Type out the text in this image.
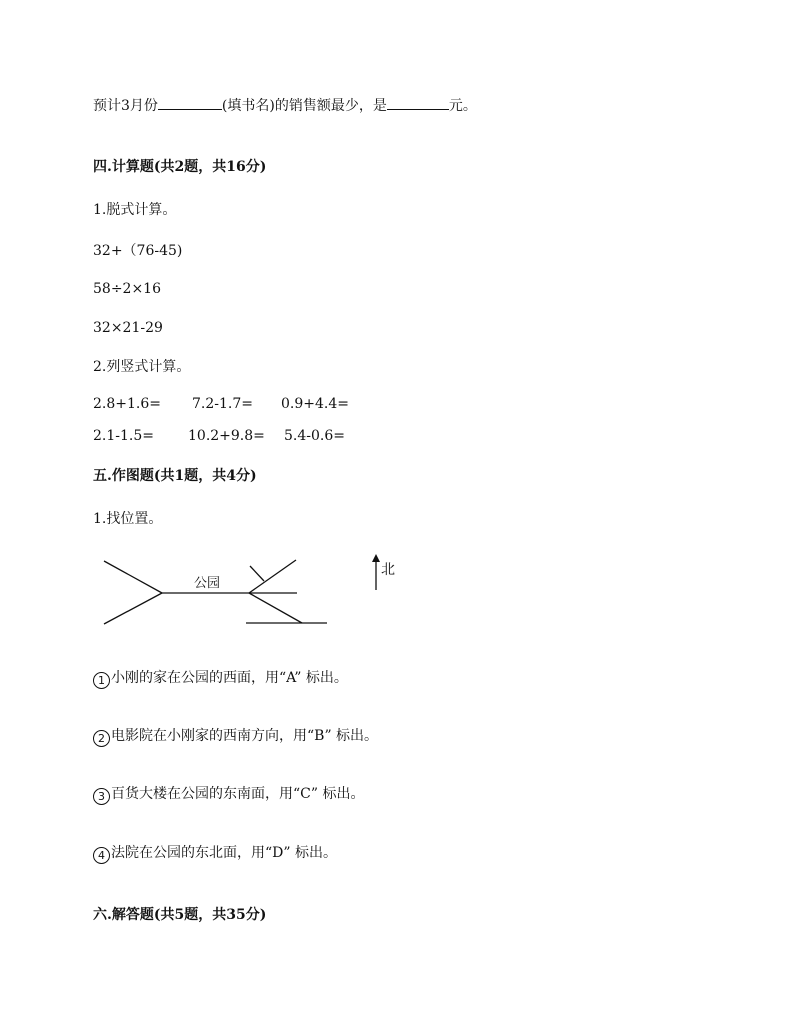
预计3月份	(填书名)的销售额最少，是	元。
四.计算题(共2题，共16分)
1.脱式计算。
32+（76-45)
58÷2×16
32×21-29
2.列竖式计算。
2.8+1.6= 7.2-1.7= 0.9+4.4=
2.1-1.5= 10.2+9.8= 5.4-0.6=
五.作图题(共1题，共4分)
1.找位置。
公园
北
1 小刚的家在公园的西面，用“A” 标出。
2 电影院在小刚家的西南方向，用“B” 标出。
3 百货大楼在公园的东南面，用“C” 标出。
4 法院在公园的东北面，用“D” 标出。
六.解答题(共5题，共35分)
